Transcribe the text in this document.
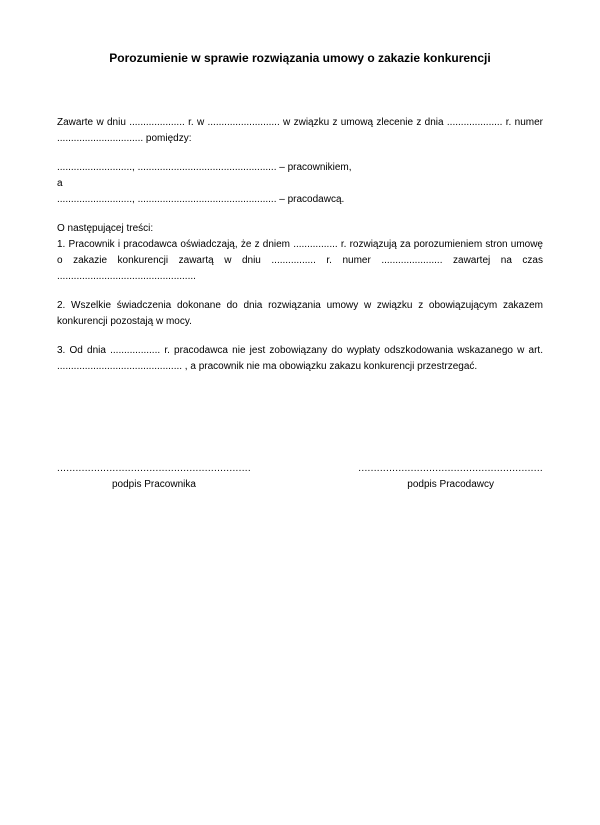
Porozumienie w sprawie rozwiązania umowy o zakazie konkurencji

Zawarte w dniu .................... r. w .......................... w związku z umową zlecenie z dnia .................... r. numer ............................... pomiędzy:

..........................., .................................................. – pracownikiem,
a
..........................., .................................................. – pracodawcą.
O następującej treści:
1. Pracownik i pracodawca oświadczają, że z dniem ................ r. rozwiązują za porozumieniem stron umowę o zakazie konkurencji zawartą w dniu ................ r. numer ...................... zawartej na czas ..................................................

2. Wszelkie świadczenia dokonane do dnia rozwiązania umowy w związku z obowiązującym zakazem konkurencji pozostają w mocy.

3. Od dnia .................. r. pracodawca nie jest zobowiązany do wypłaty odszkodowania wskazanego w art. ............................................. , a pracownik nie ma obowiązku zakazu konkurencji przestrzegać.

...............................................................
podpis Pracownika
............................................................
podpis Pracodawcy
